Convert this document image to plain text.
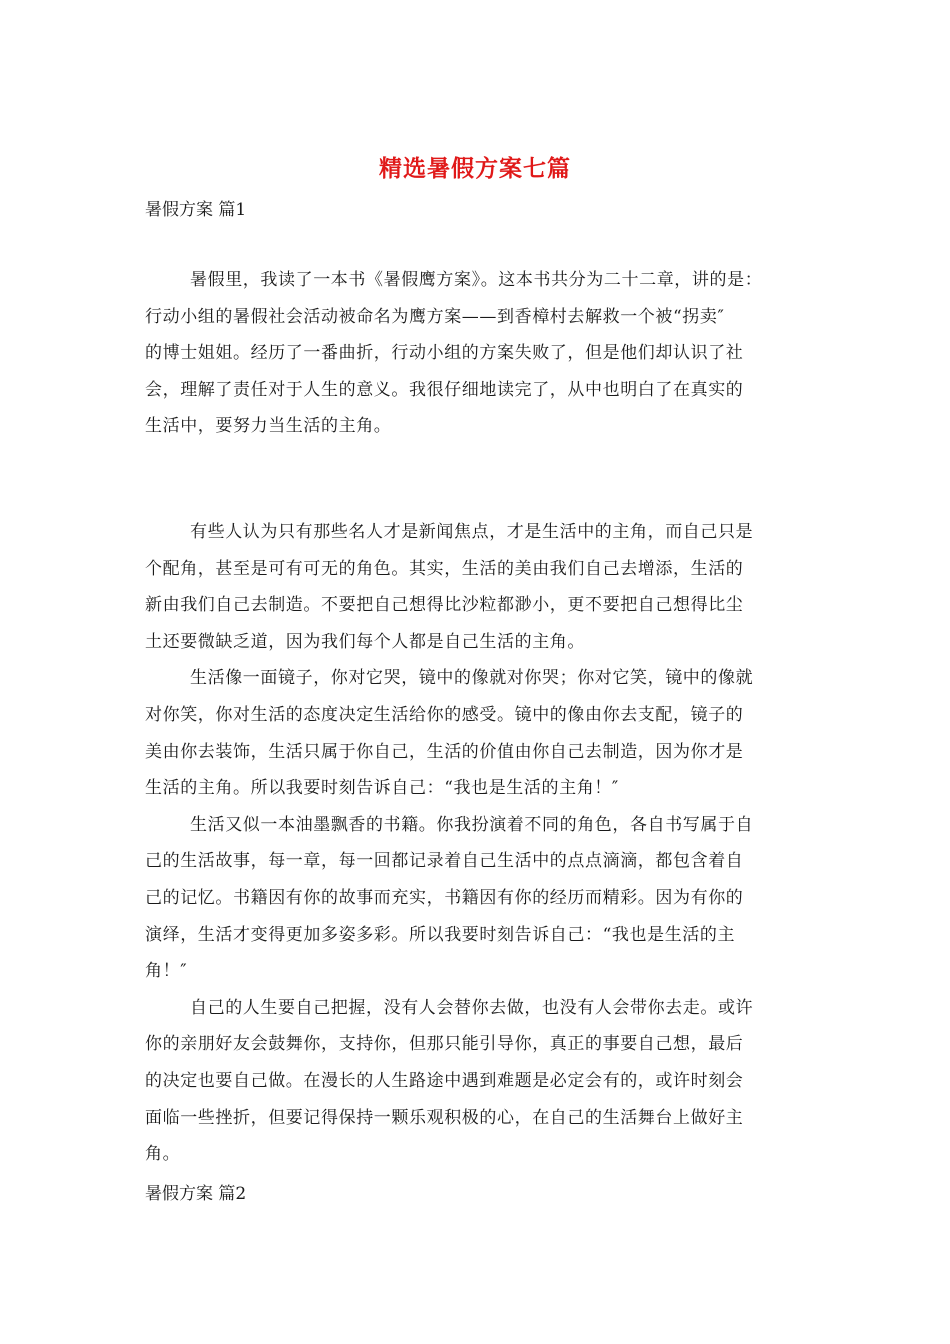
精选暑假方案七篇
暑假方案 篇1
暑假里，我读了一本书《暑假鹰方案》。这本书共分为二十二章，讲的是：
行动小组的暑假社会活动被命名为鹰方案——到香樟村去解救一个被“拐卖″
的博士姐姐。经历了一番曲折，行动小组的方案失败了，但是他们却认识了社
会，理解了责任对于人生的意义。我很仔细地读完了，从中也明白了在真实的
生活中，要努力当生活的主角。
有些人认为只有那些名人才是新闻焦点，才是生活中的主角，而自己只是
个配角，甚至是可有可无的角色。其实，生活的美由我们自己去增添，生活的
新由我们自己去制造。不要把自己想得比沙粒都渺小，更不要把自己想得比尘
土还要微缺乏道，因为我们每个人都是自己生活的主角。
生活像一面镜子，你对它哭，镜中的像就对你哭；你对它笑，镜中的像就
对你笑，你对生活的态度决定生活给你的感受。镜中的像由你去支配，镜子的
美由你去装饰，生活只属于你自己，生活的价值由你自己去制造，因为你才是
生活的主角。所以我要时刻告诉自己：“我也是生活的主角！″
生活又似一本油墨飘香的书籍。你我扮演着不同的角色，各自书写属于自
己的生活故事，每一章，每一回都记录着自己生活中的点点滴滴，都包含着自
己的记忆。书籍因有你的故事而充实，书籍因有你的经历而精彩。因为有你的
演绎，生活才变得更加多姿多彩。所以我要时刻告诉自己：“我也是生活的主
角！″
自己的人生要自己把握，没有人会替你去做，也没有人会带你去走。或许
你的亲朋好友会鼓舞你，支持你，但那只能引导你，真正的事要自己想，最后
的决定也要自己做。在漫长的人生路途中遇到难题是必定会有的，或许时刻会
面临一些挫折，但要记得保持一颗乐观积极的心，在自己的生活舞台上做好主
角。
暑假方案 篇2
